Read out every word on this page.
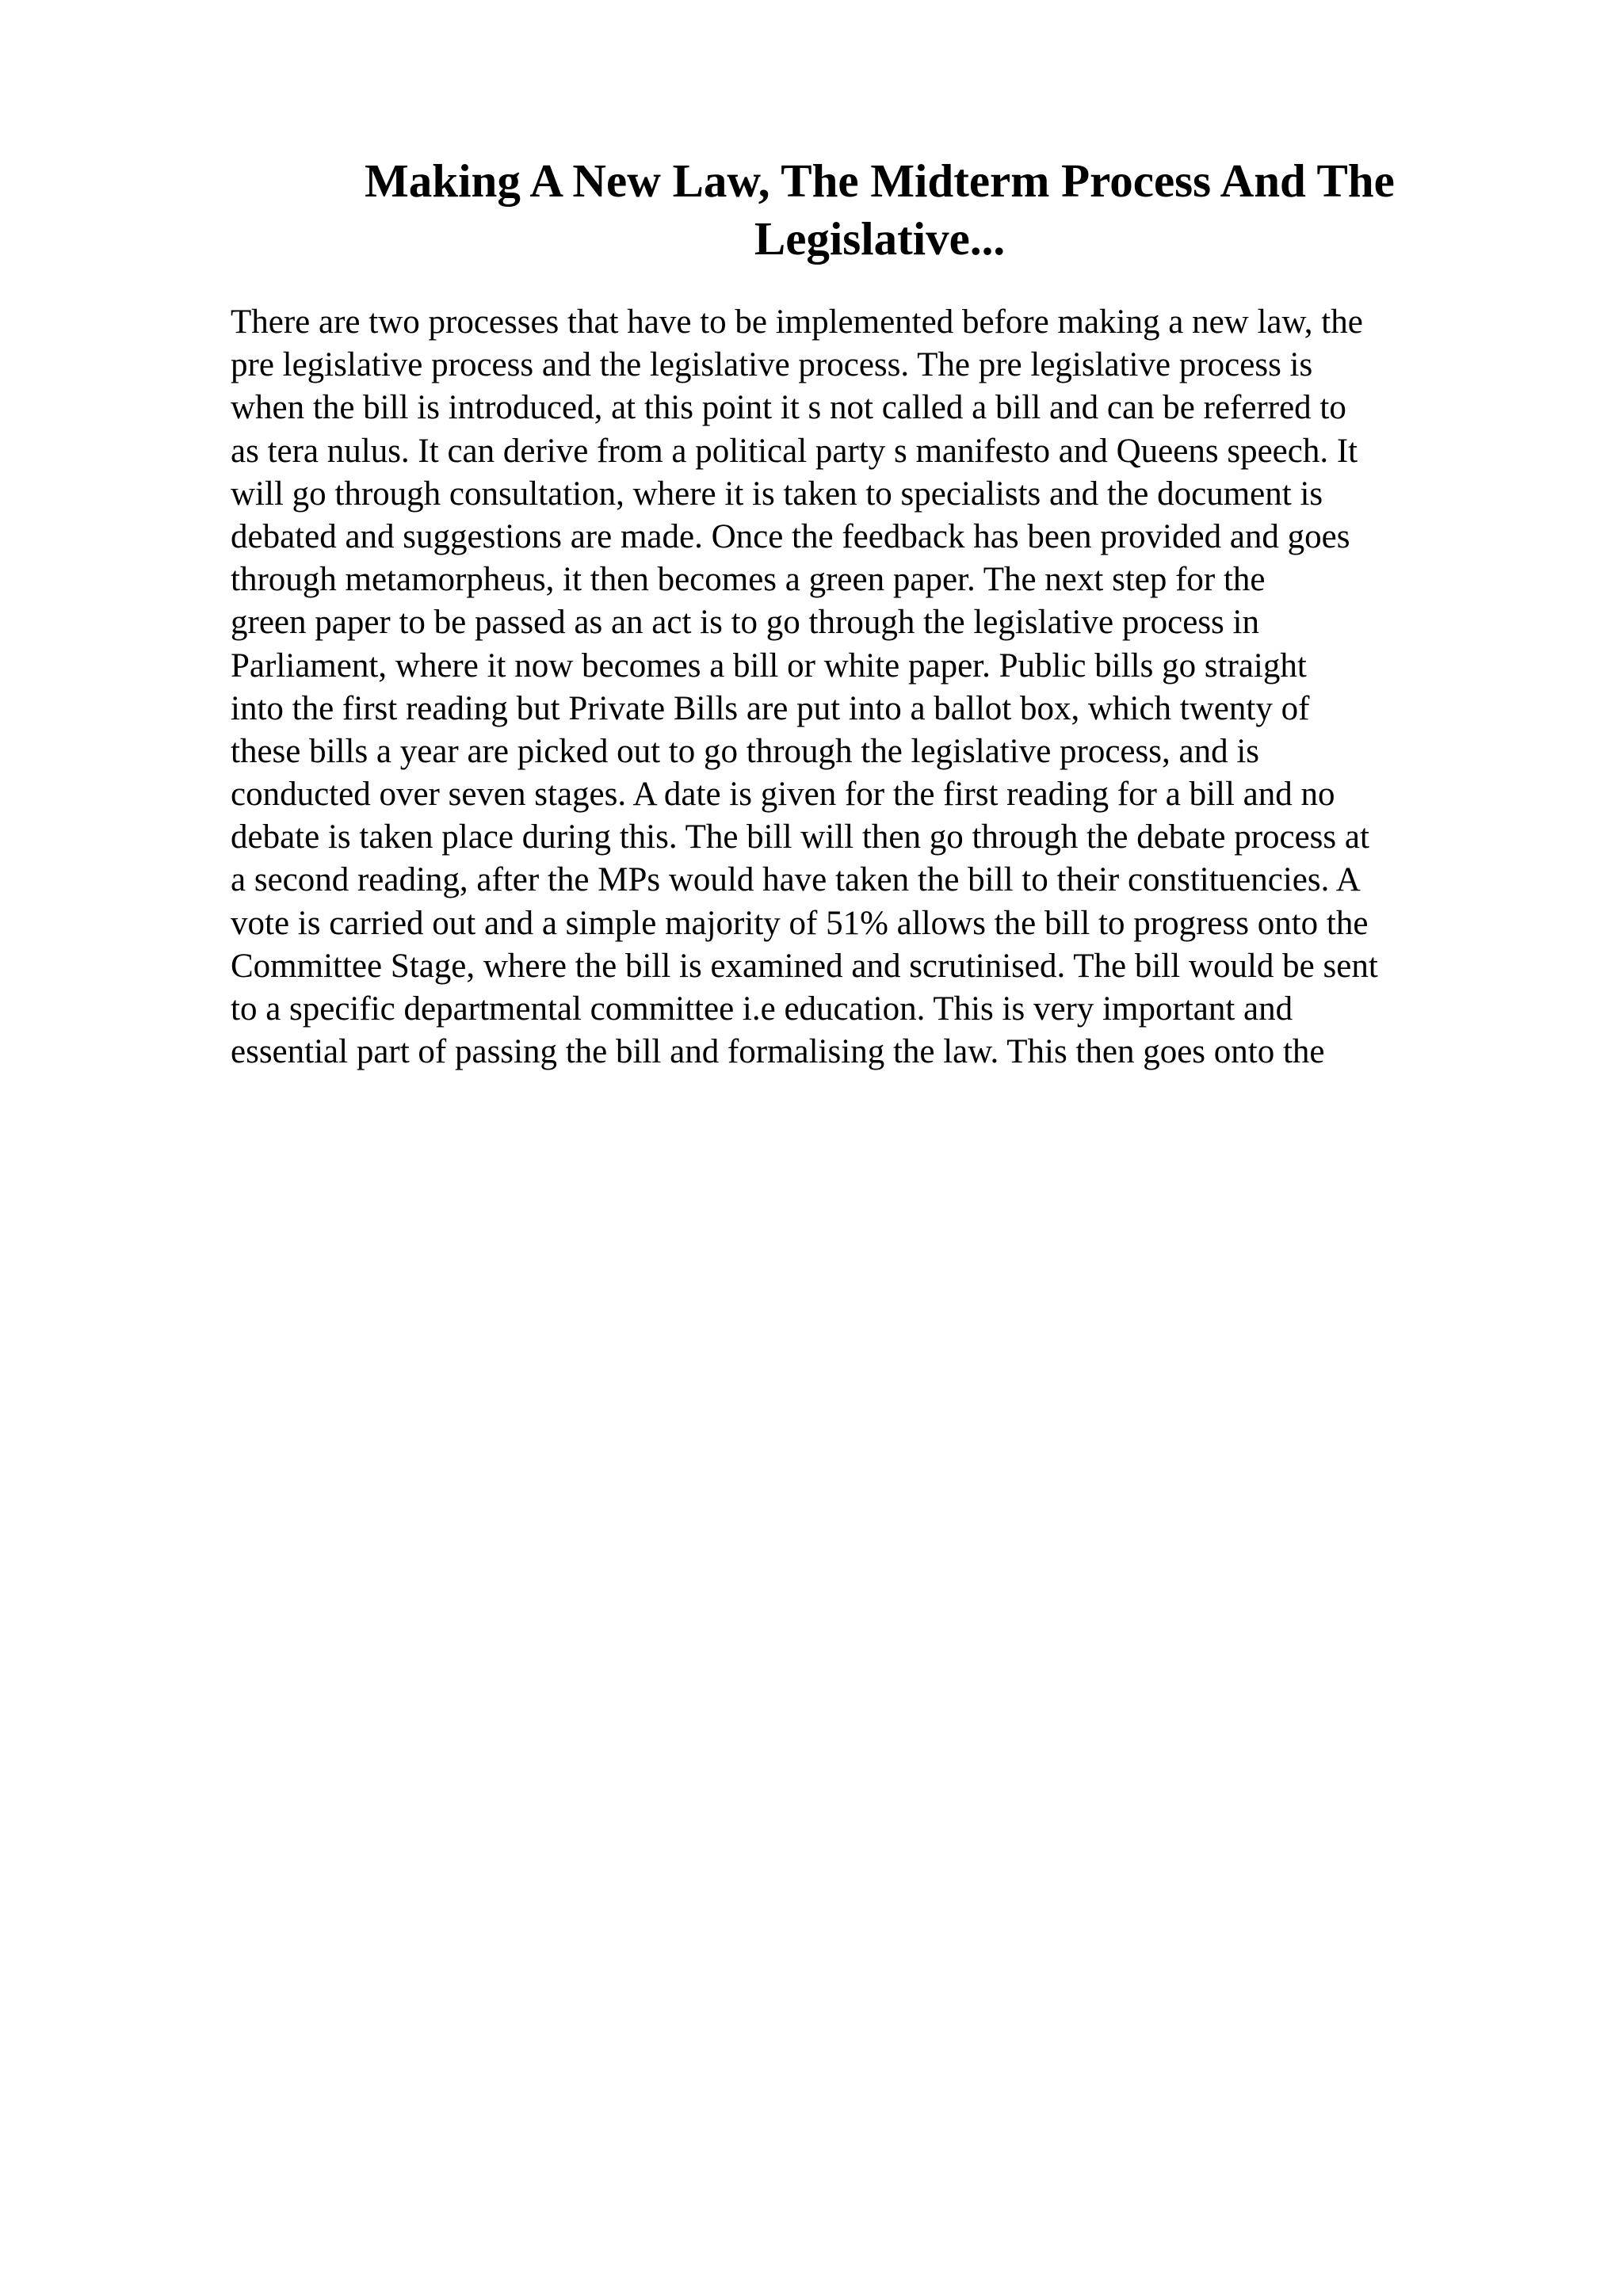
Making A New Law, The Midterm Process And The
Legislative...
There are two processes that have to be implemented before making a new law, the
pre legislative process and the legislative process. The pre legislative process is
when the bill is introduced, at this point it s not called a bill and can be referred to
as tera nulus. It can derive from a political party s manifesto and Queens speech. It
will go through consultation, where it is taken to specialists and the document is
debated and suggestions are made. Once the feedback has been provided and goes
through metamorpheus, it then becomes a green paper. The next step for the
green paper to be passed as an act is to go through the legislative process in
Parliament, where it now becomes a bill or white paper. Public bills go straight
into the first reading but Private Bills are put into a ballot box, which twenty of
these bills a year are picked out to go through the legislative process, and is
conducted over seven stages. A date is given for the first reading for a bill and no
debate is taken place during this. The bill will then go through the debate process at
a second reading, after the MPs would have taken the bill to their constituencies. A
vote is carried out and a simple majority of 51% allows the bill to progress onto the
Committee Stage, where the bill is examined and scrutinised. The bill would be sent
to a specific departmental committee i.e education. This is very important and
essential part of passing the bill and formalising the law. This then goes onto the
